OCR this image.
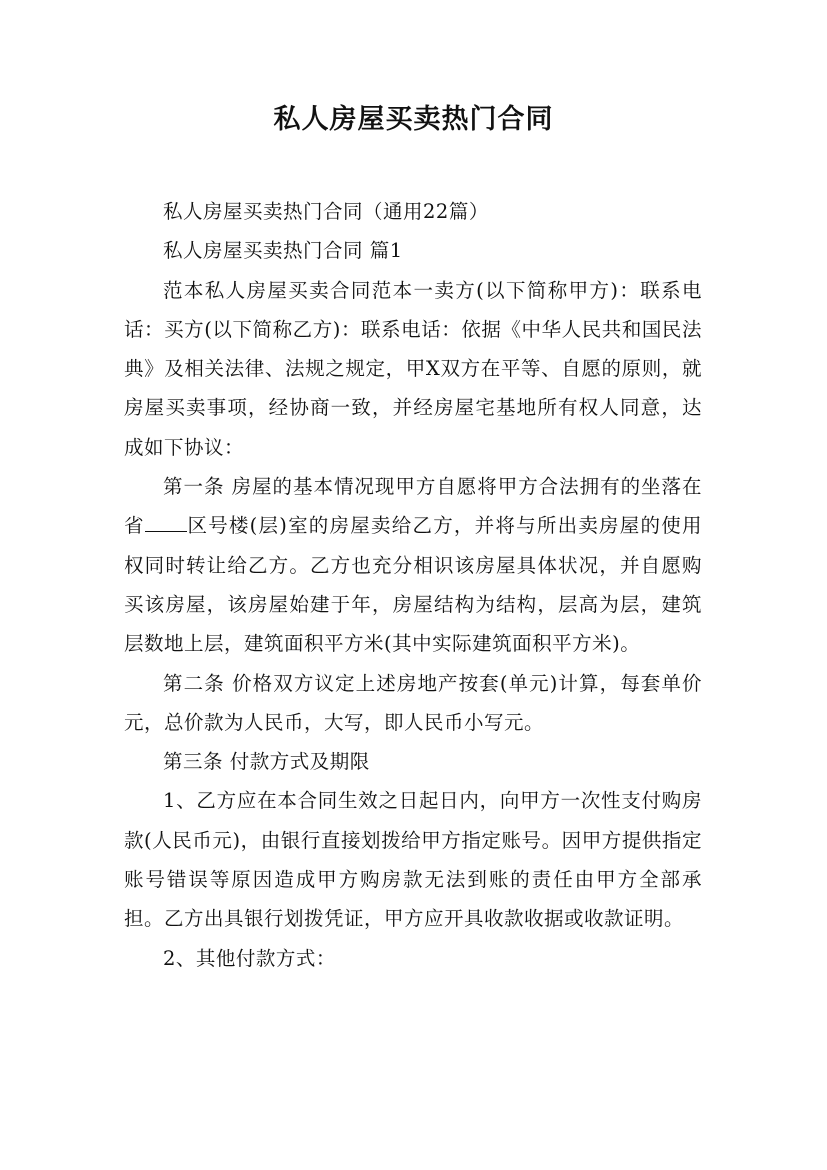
私人房屋买卖热门合同

私人房屋买卖热门合同（通用22篇）

私人房屋买卖热门合同 篇1

范本私人房屋买卖合同范本一卖方(以下简称甲方)：联系电话：买方(以下简称乙方)：联系电话：依据《中华人民共和国民法典》及相关法律、法规之规定，甲X双方在平等、自愿的原则，就房屋买卖事项，经协商一致，并经房屋宅基地所有权人同意，达成如下协议：

第一条 房屋的基本情况现甲方自愿将甲方合法拥有的坐落在省 区号楼(层)室的房屋卖给乙方，并将与所出卖房屋的使用权同时转让给乙方。乙方也充分相识该房屋具体状况，并自愿购买该房屋，该房屋始建于年，房屋结构为结构，层高为层，建筑层数地上层，建筑面积平方米(其中实际建筑面积平方米)。

第二条 价格双方议定上述房地产按套(单元)计算，每套单价元，总价款为人民币，大写，即人民币小写元。

第三条 付款方式及期限

1、乙方应在本合同生效之日起日内，向甲方一次性支付购房款(人民币元)，由银行直接划拨给甲方指定账号。因甲方提供指定账号错误等原因造成甲方购房款无法到账的责任由甲方全部承担。乙方出具银行划拨凭证，甲方应开具收款收据或收款证明。

2、其他付款方式：
